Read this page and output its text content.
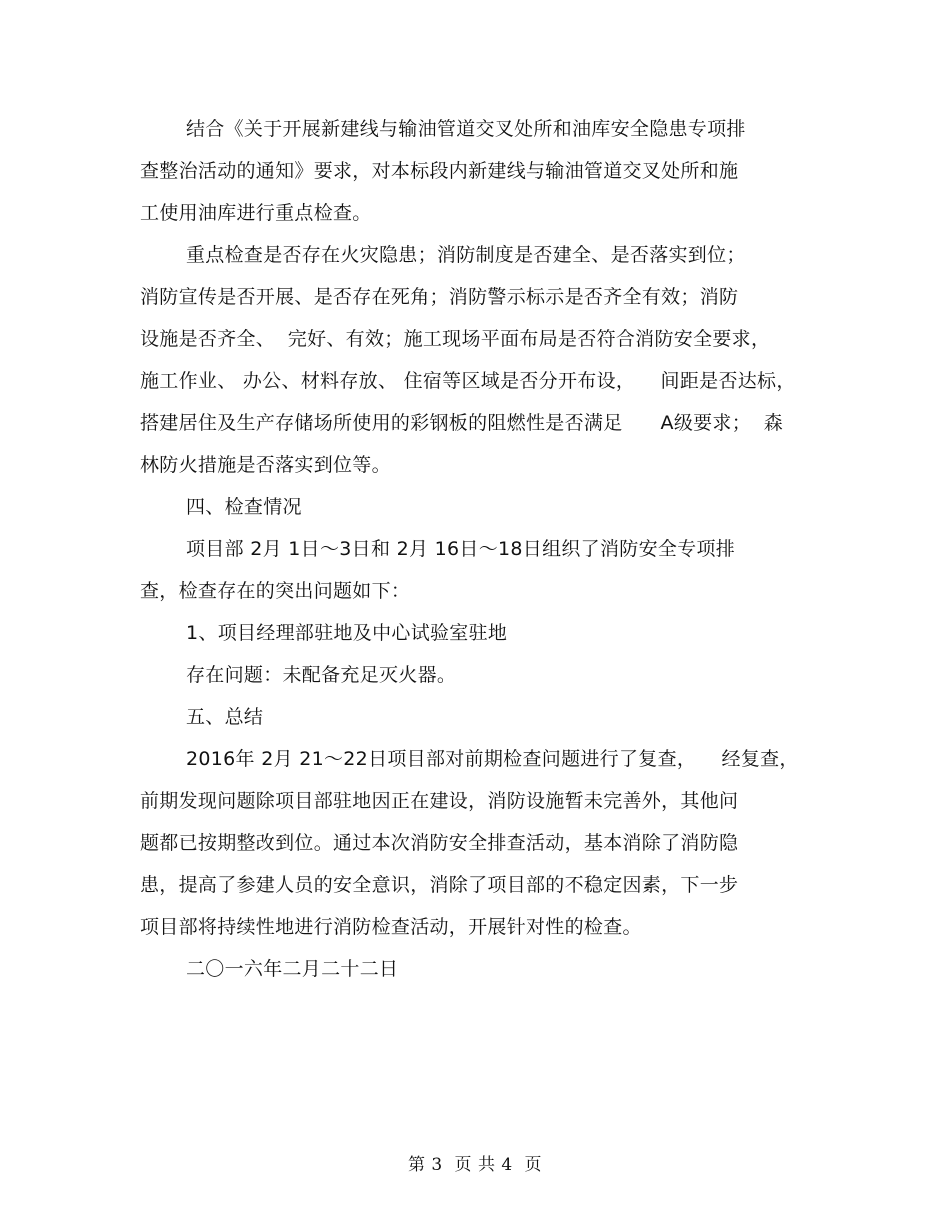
结合《关于开展新建线与输油管道交叉处所和油库安全隐患专项排
查整治活动的通知》要求，对本标段内新建线与输油管道交叉处所和施
工使用油库进行重点检查。
重点检查是否存在火灾隐患；消防制度是否建全、是否落实到位；
消防宣传是否开展、是否存在死角；消防警示标示是否齐全有效；消防
设施是否齐全、  完好、有效；施工现场平面布局是否符合消防安全要求，
施工作业、 办公、材料存放、 住宿等区域是否分开布设，    间距是否达标，
搭建居住及生产存储场所使用的彩钢板的阻燃性是否满足      A级要求；  森
林防火措施是否落实到位等。
四、检查情况
项目部 2月 1日～3日和 2月 16日～18日组织了消防安全专项排
查，检查存在的突出问题如下：
1、项目经理部驻地及中心试验室驻地
存在问题：未配备充足灭火器。
五、总结
2016年 2月 21～22日项目部对前期检查问题进行了复查，    经复查，
前期发现问题除项目部驻地因正在建设，消防设施暂未完善外，其他问
题都已按期整改到位。通过本次消防安全排查活动，基本消除了消防隐
患，提高了参建人员的安全意识，消除了项目部的不稳定因素，下一步
项目部将持续性地进行消防检查活动，开展针对性的检查。
二〇一六年二月二十二日
第 3  页 共 4  页
